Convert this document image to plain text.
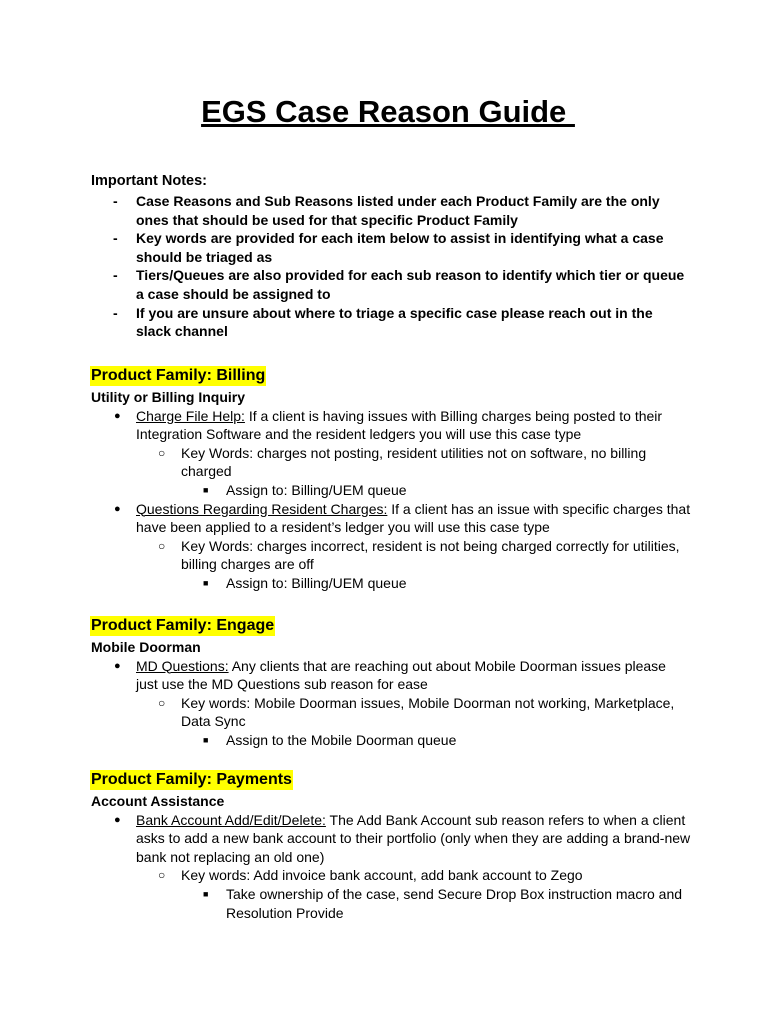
EGS Case Reason Guide
Important Notes:
- Case Reasons and Sub Reasons listed under each Product Family are the only ones that should be used for that specific Product Family
- Key words are provided for each item below to assist in identifying what a case should be triaged as
- Tiers/Queues are also provided for each sub reason to identify which tier or queue a case should be assigned to
- If you are unsure about where to triage a specific case please reach out in the slack channel
Product Family: Billing
Utility or Billing Inquiry
● Charge File Help: If a client is having issues with Billing charges being posted to their Integration Software and the resident ledgers you will use this case type
○ Key Words: charges not posting, resident utilities not on software, no billing charged
■ Assign to: Billing/UEM queue
● Questions Regarding Resident Charges: If a client has an issue with specific charges that have been applied to a resident’s ledger you will use this case type
○ Key Words: charges incorrect, resident is not being charged correctly for utilities, billing charges are off
■ Assign to: Billing/UEM queue
Product Family: Engage
Mobile Doorman
● MD Questions: Any clients that are reaching out about Mobile Doorman issues please just use the MD Questions sub reason for ease
○ Key words: Mobile Doorman issues, Mobile Doorman not working, Marketplace, Data Sync
■ Assign to the Mobile Doorman queue
Product Family: Payments
Account Assistance
● Bank Account Add/Edit/Delete: The Add Bank Account sub reason refers to when a client asks to add a new bank account to their portfolio (only when they are adding a brand-new bank not replacing an old one)
○ Key words: Add invoice bank account, add bank account to Zego
■ Take ownership of the case, send Secure Drop Box instruction macro and Resolution Provide
